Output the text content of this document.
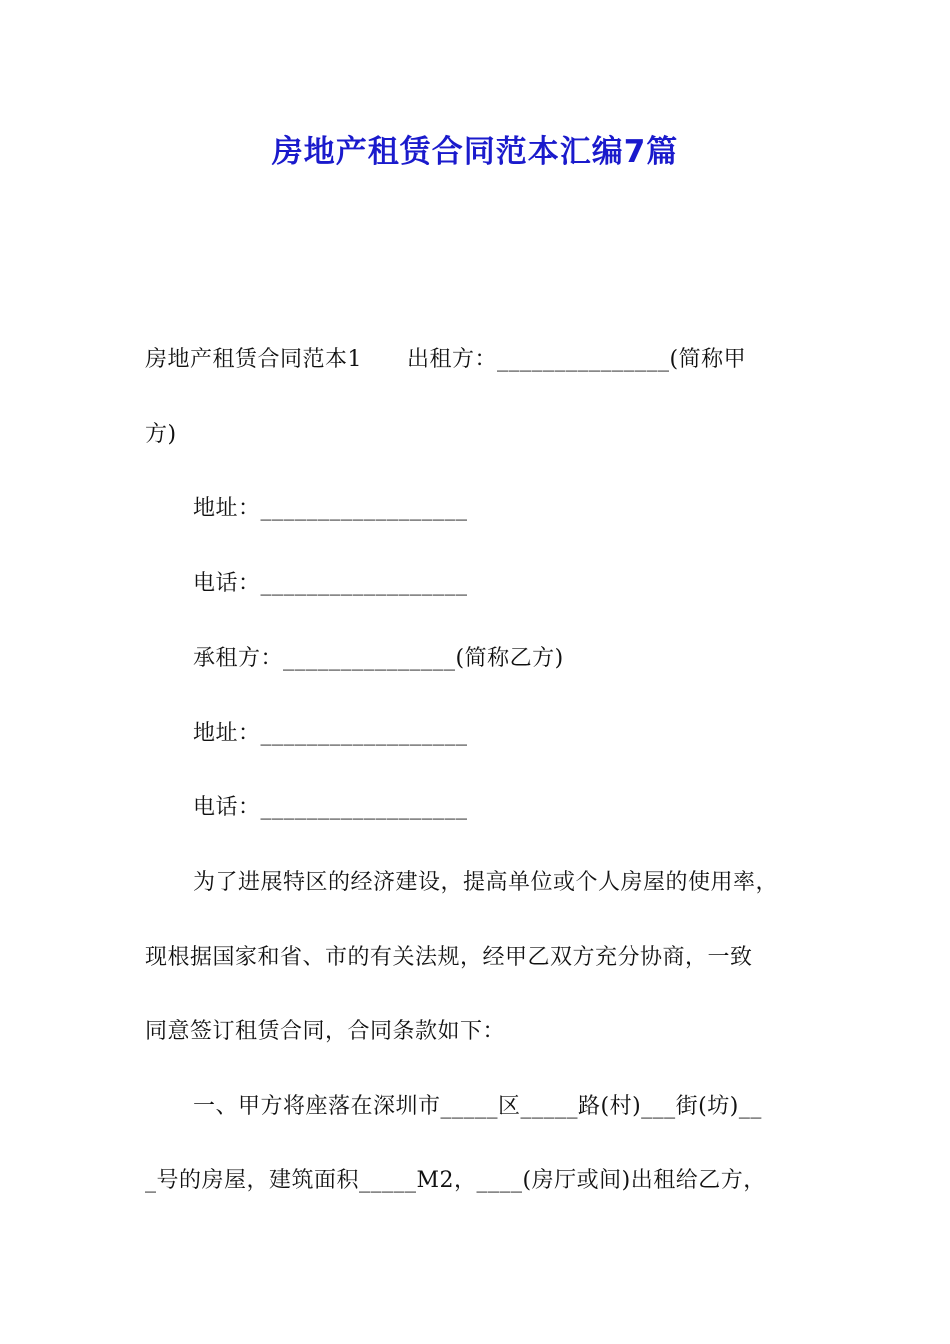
房地产租赁合同范本汇编7篇
房地产租赁合同范本1　　出租方：_______________(简称甲
方)
地址：__________________
电话：__________________
承租方：_______________(简称乙方)
地址：__________________
电话：__________________
为了进展特区的经济建设，提高单位或个人房屋的使用率，
现根据国家和省、市的有关法规，经甲乙双方充分协商，一致
同意签订租赁合同，合同条款如下：
一、甲方将座落在深圳市_____区_____路(村)___街(坊)__
_号的房屋，建筑面积_____M2，____(房厅或间)出租给乙方，
